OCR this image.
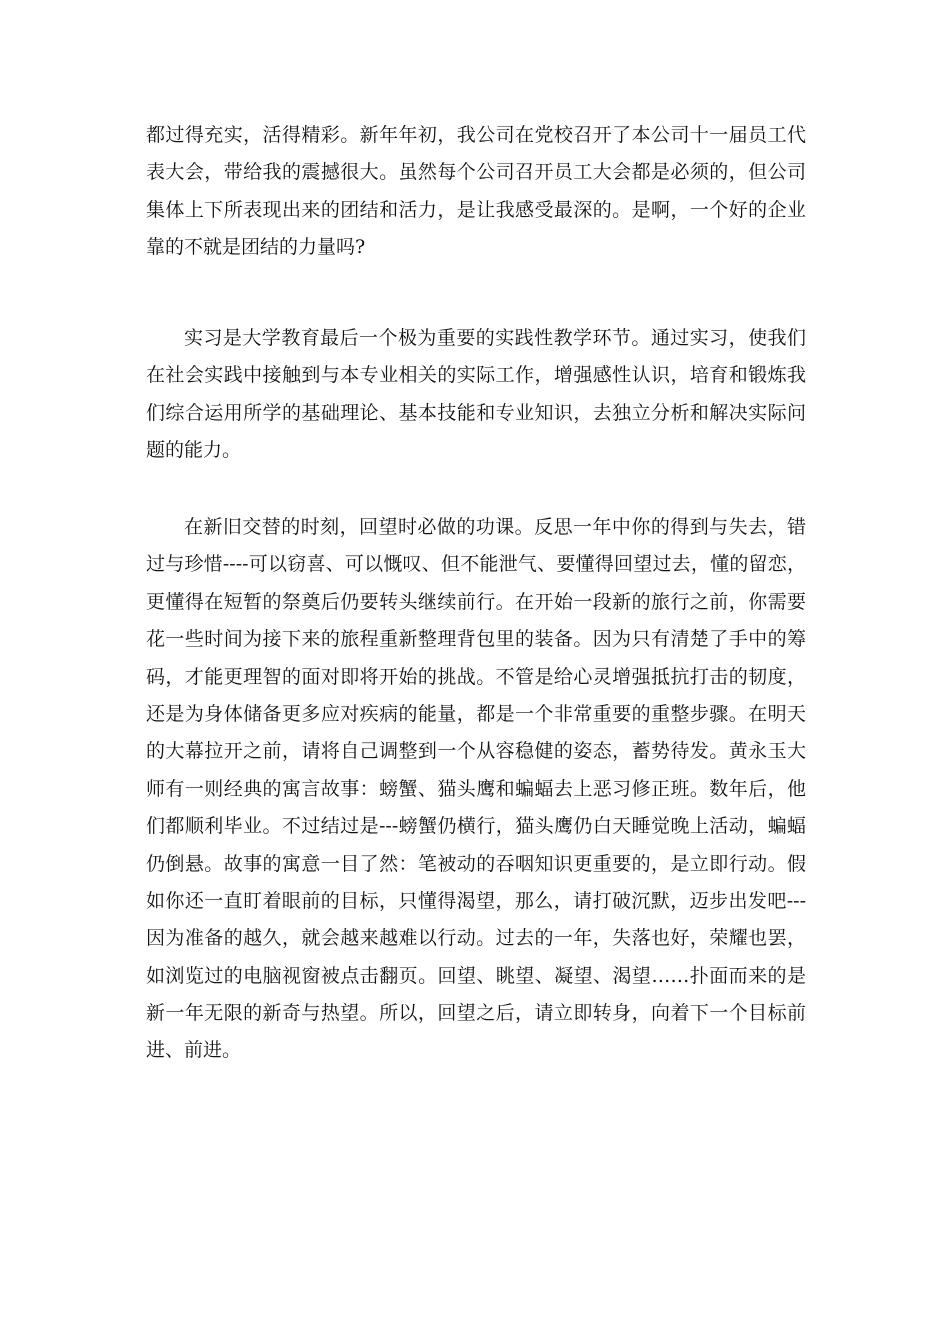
都过得充实，活得精彩。新年年初，我公司在党校召开了本公司十一届员工代
表大会，带给我的震撼很大。虽然每个公司召开员工大会都是必须的，但公司
集体上下所表现出来的团结和活力，是让我感受最深的。是啊，一个好的企业
靠的不就是团结的力量吗?
实习是大学教育最后一个极为重要的实践性教学环节。通过实习，使我们
在社会实践中接触到与本专业相关的实际工作，增强感性认识，培育和锻炼我
们综合运用所学的基础理论、基本技能和专业知识，去独立分析和解决实际问
题的能力。
在新旧交替的时刻，回望时必做的功课。反思一年中你的得到与失去，错
过与珍惜----可以窃喜、可以慨叹、但不能泄气、要懂得回望过去，懂的留恋，
更懂得在短暂的祭奠后仍要转头继续前行。在开始一段新的旅行之前，你需要
花一些时间为接下来的旅程重新整理背包里的装备。因为只有清楚了手中的筹
码，才能更理智的面对即将开始的挑战。不管是给心灵增强抵抗打击的韧度，
还是为身体储备更多应对疾病的能量，都是一个非常重要的重整步骤。在明天
的大幕拉开之前，请将自己调整到一个从容稳健的姿态，蓄势待发。黄永玉大
师有一则经典的寓言故事：螃蟹、猫头鹰和蝙蝠去上恶习修正班。数年后，他
们都顺利毕业。不过结过是---螃蟹仍横行，猫头鹰仍白天睡觉晚上活动，蝙蝠
仍倒悬。故事的寓意一目了然：笔被动的吞咽知识更重要的，是立即行动。假
如你还一直盯着眼前的目标，只懂得渴望，那么，请打破沉默，迈步出发吧---
因为准备的越久，就会越来越难以行动。过去的一年，失落也好，荣耀也罢，
如浏览过的电脑视窗被点击翻页。回望、眺望、凝望、渴望……扑面而来的是
新一年无限的新奇与热望。所以，回望之后，请立即转身，向着下一个目标前
进、前进。
